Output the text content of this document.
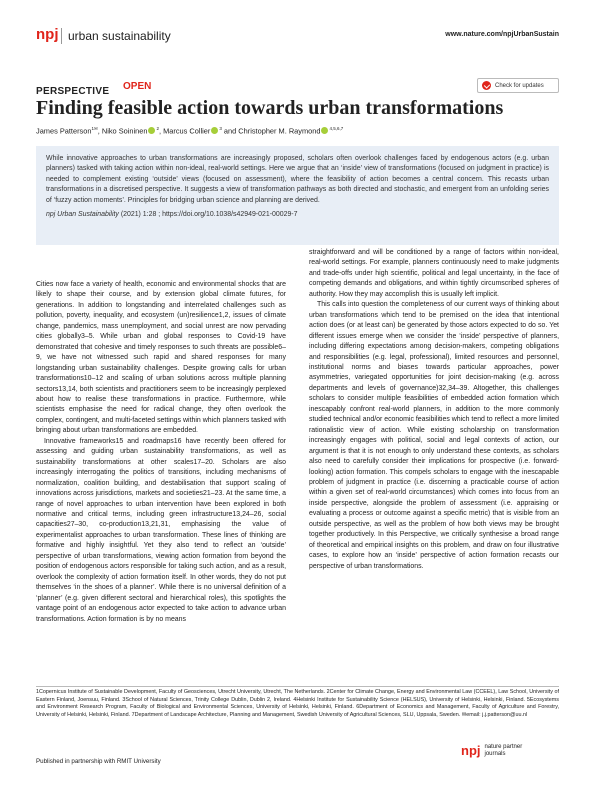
npj urban sustainability	www.nature.com/npjUrbanSustain
PERSPECTIVE OPEN	Check for updates
Finding feasible action towards urban transformations
James Patterson$^{1✉}$, Niko Soininen $^2$, Marcus Collier $^3$ and Christopher M. Raymond $^{4,5,6,7}$

While innovative approaches to urban transformations are increasingly proposed, scholars often overlook challenges faced by endogenous actors (e.g. urban planners) tasked with taking action within non-ideal, real-world settings. Here we argue that an ‘inside’ view of transformations (focused on judgment in practice) is needed to complement existing ‘outside’ views (focused on assessment), where the feasibility of action becomes a central concern. This recasts urban transformations in a discretised perspective. It suggests a view of transformation pathways as both directed and stochastic, and emergent from an unfolding series of ‘fuzzy action moments’. Principles for bridging urban science and planning are derived.

npj Urban Sustainability (2021) 1:28 ; https://doi.org/10.1038/s42949-021-00029-7

Cities now face a variety of health, economic and environmental shocks that are likely to shape their course, and by extension global climate futures, for generations. In addition to longstanding and interrelated challenges such as pollution, poverty, inequality, and ecosystem (un)resilience1,2, issues of climate change, pandemics, mass unemployment, and social unrest are now pervading cities globally3–5. While urban and global responses to Covid-19 have demonstrated that cohesive and timely responses to such threats are possible6–9, we have not witnessed such rapid and shared responses for many longstanding urban sustainability challenges. Despite growing calls for urban transformations10–12 and scaling of urban solutions across multiple planning sectors13,14, both scientists and practitioners seem to be increasingly perplexed about how to realise these transformations in practice. Furthermore, while scientists emphasise the need for radical change, they often overlook the complex, contingent, and multi-faceted settings within which planners tasked with bringing about urban transformations are embedded.

Innovative frameworks15 and roadmaps16 have recently been offered for assessing and guiding urban sustainability transformations, as well as sustainability transformations at other scales17–20. Scholars are also increasingly interrogating the politics of transitions, including mechanisms of normalization, coalition building, and destabilisation that support scaling of innovations across jurisdictions, markets and societies21–23. At the same time, a range of novel approaches to urban intervention have been explored in both normative and critical terms, including green infrastructure13,24–26, social capacities27–30, co-production13,21,31, emphasising the value of experimentalist approaches to urban transformation. These lines of thinking are formative and highly insightful. Yet they also tend to reflect an ‘outside’ perspective of urban transformations, viewing action formation from beyond the position of endogenous actors responsible for taking such action, and as a result, overlook the complexity of action formation itself. In other words, they do not put themselves ‘in the shoes of a planner’. While there is no universal definition of a ‘planner’ (e.g. given different sectoral and hierarchical roles), this spotlights the vantage point of an endogenous actor expected to take action to advance urban transformations. Action formation is by no means

straightforward and will be conditioned by a range of factors within non-ideal, real-world settings. For example, planners continuously need to make judgments and trade-offs under high scientific, political and legal uncertainty, in the face of competing demands and obligations, and within tightly circumscribed spheres of authority. How they may accomplish this is usually left implicit.

This calls into question the completeness of our current ways of thinking about urban transformations which tend to be premised on the idea that intentional action does (or at least can) be generated by those actors expected to do so. Yet different issues emerge when we consider the ‘inside’ perspective of planners, including differing expectations among decision-makers, competing obligations and responsibilities (e.g. legal, professional), limited resources and personnel, institutional norms and biases towards particular approaches, power asymmetries, variegated opportunities for joint decision-making (e.g. across departments and levels of governance)32,34–39. Altogether, this challenges scholars to consider multiple feasibilities of embedded action formation which inescapably confront real-world planners, in addition to the more commonly studied technical and/or economic feasibilities which tend to reflect a more limited rationalistic view of action. While existing scholarship on transformation increasingly engages with political, social and legal contexts of action, our argument is that it is not enough to only understand these contexts, as scholars also need to carefully consider their implications for prospective (i.e. forward-looking) action formation. This compels scholars to engage with the inescapable problem of judgment in practice (i.e. discerning a practicable course of action within a given set of real-world circumstances) which comes into focus from an inside perspective, alongside the problem of assessment (i.e. appraising or evaluating a process or outcome against a specific metric) that is visible from an outside perspective, as well as the problem of how both views may be brought together productively. In this Perspective, we critically synthesise a broad range of theoretical and empirical insights on this problem, and draw on four illustrative cases, to explore how an ‘inside’ perspective of action formation recasts our perspective of urban transformations.

1Copernicus Institute of Sustainable Development, Faculty of Geosciences, Utrecht University, Utrecht, The Netherlands. 2Center for Climate Change, Energy and Environmental Law (CCEEL), Law School, University of Eastern Finland, Joensuu, Finland. 3School of Natural Sciences, Trinity College Dublin, Dublin 2, Ireland. 4Helsinki Institute for Sustainability Science (HELSUS), University of Helsinki, Helsinki, Finland. 5Ecosystems and Environment Research Program, Faculty of Biological and Environmental Sciences, University of Helsinki, Helsinki, Finland. 6Department of Economics and Management, Faculty of Agriculture and Forestry, University of Helsinki, Helsinki, Finland. 7Department of Landscape Architecture, Planning and Management, Swedish University of Agricultural Sciences, SLU, Uppsala, Sweden. ✉email: j.j.patterson@uu.nl

Published in partnership with RMIT University
npj nature partner
journals
